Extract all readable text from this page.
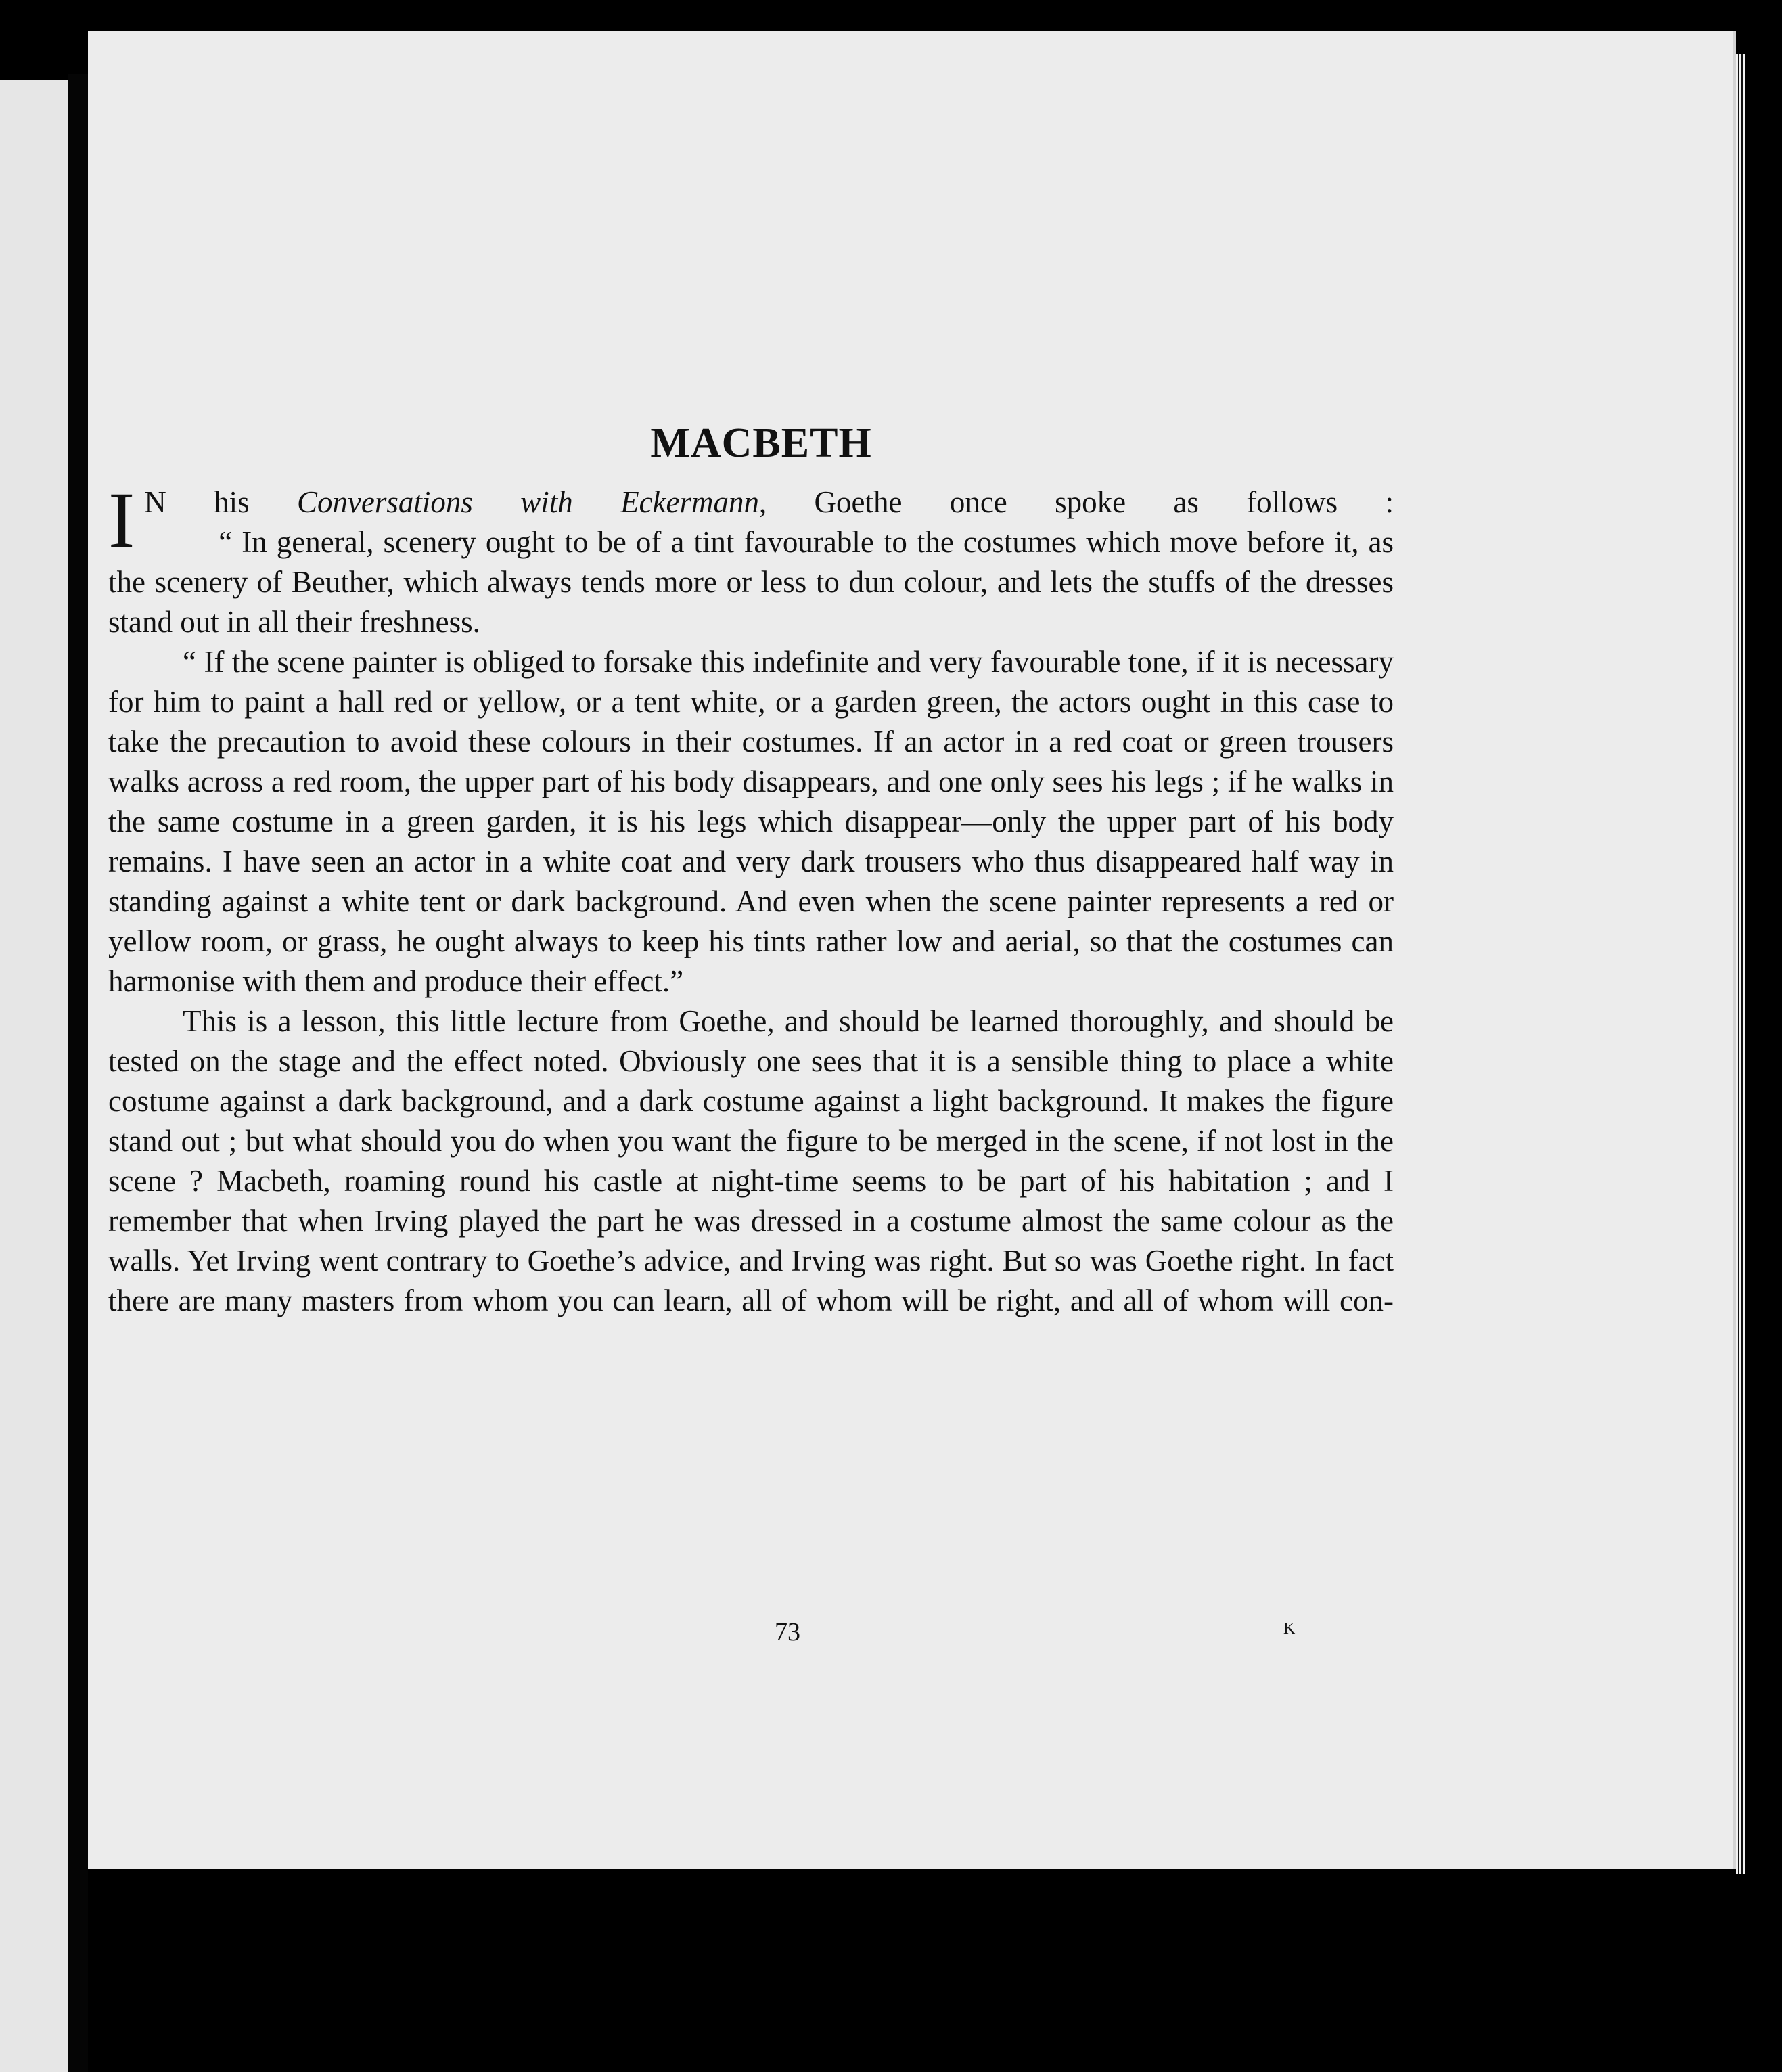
MACBETH

I N his Conversations with Eckermann, Goethe once spoke as follows :

“ In general, scenery ought to be of a tint favourable to the costumes which move before it, as the scenery of Beuther, which always tends more or less to dun colour, and lets the stuffs of the dresses stand out in all their freshness.

“ If the scene painter is obliged to forsake this indefinite and very favourable tone, if it is necessary for him to paint a hall red or yellow, or a tent white, or a garden green, the actors ought in this case to take the precaution to avoid these colours in their costumes. If an actor in a red coat or green trousers walks across a red room, the upper part of his body disappears, and one only sees his legs ; if he walks in the same costume in a green garden, it is his legs which disappear—only the upper part of his body remains. I have seen an actor in a white coat and very dark trousers who thus disappeared half way in standing against a white tent or dark background. And even when the scene painter represents a red or yellow room, or grass, he ought always to keep his tints rather low and aerial, so that the costumes can harmonise with them and produce their effect.”

This is a lesson, this little lecture from Goethe, and should be learned thoroughly, and should be tested on the stage and the effect noted. Obviously one sees that it is a sensible thing to place a white costume against a dark background, and a dark costume against a light background. It makes the figure stand out ; but what should you do when you want the figure to be merged in the scene, if not lost in the scene ? Macbeth, roaming round his castle at night-time seems to be part of his habitation ; and I remember that when Irving played the part he was dressed in a costume almost the same colour as the walls. Yet Irving went contrary to Goethe’s advice, and Irving was right. But so was Goethe right. In fact there are many masters from whom you can learn, all of whom will be right, and all of whom will con-

73	K
